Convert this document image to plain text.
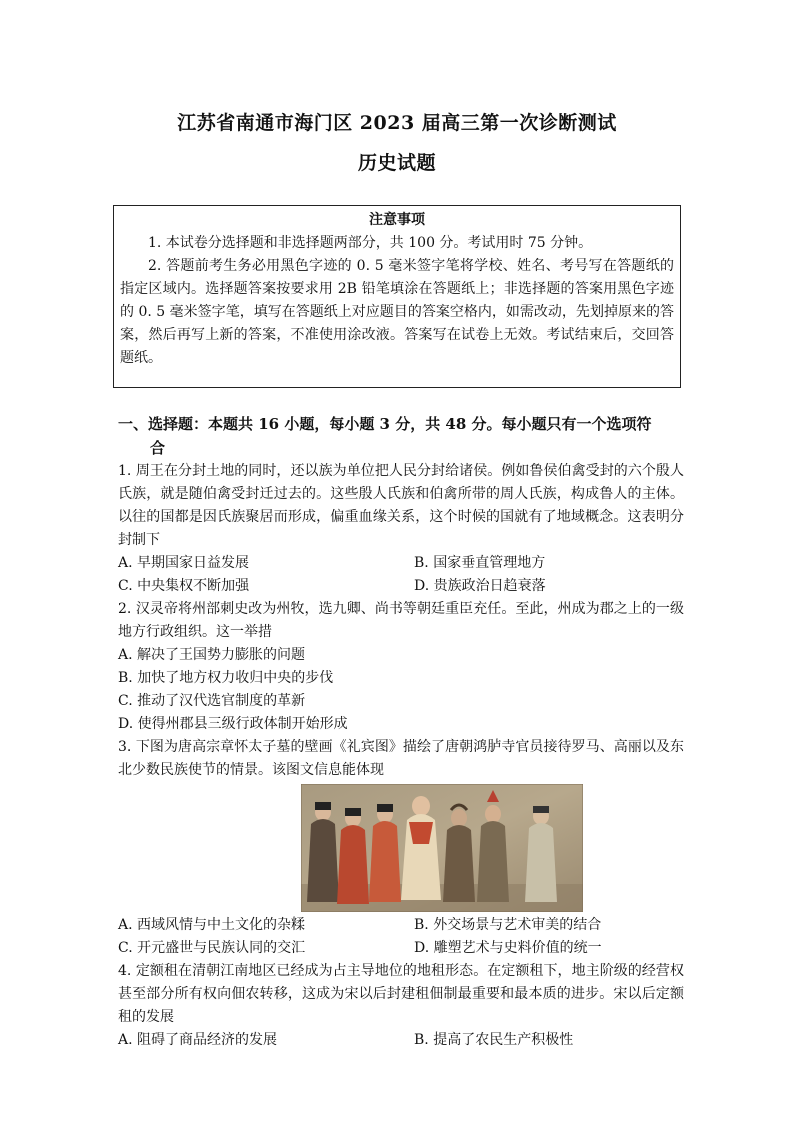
江苏省南通市海门区 2023 届高三第一次诊断测试
历史试题
注意事项

1. 本试卷分选择题和非选择题两部分，共 100 分。考试用时 75 分钟。

2. 答题前考生务必用黑色字迹的 0. 5 毫米签字笔将学校、姓名、考号写在答题纸的指定区域内。选择题答案按要求用 2B 铅笔填涂在答题纸上；非选择题的答案用黑色字迹的 0. 5 毫米签字笔，填写在答题纸上对应题目的答案空格内，如需改动，先划掉原来的答案，然后再写上新的答案，不准使用涂改液。答案写在试卷上无效。考试结束后，交回答题纸。

一、选择题：本题共 16 小题，每小题 3 分，共 48 分。每小题只有一个选项符
合

1. 周王在分封土地的同时，还以族为单位把人民分封给诸侯。例如鲁侯伯禽受封的六个殷人氏族，就是随伯禽受封迁过去的。这些殷人氏族和伯禽所带的周人氏族，构成鲁人的主体。以往的国都是因氏族聚居而形成，偏重血缘关系，这个时候的国就有了地域概念。这表明分封制下

A. 早期国家日益发展	B. 国家垂直管理地方
C. 中央集权不断加强	D. 贵族政治日趋衰落

2. 汉灵帝将州部刺史改为州牧，选九卿、尚书等朝廷重臣充任。至此，州成为郡之上的一级地方行政组织。这一举措

A. 解决了王国势力膨胀的问题
B. 加快了地方权力收归中央的步伐
C. 推动了汉代选官制度的革新
D. 使得州郡县三级行政体制开始形成

3. 下图为唐高宗章怀太子墓的壁画《礼宾图》描绘了唐朝鸿胪寺官员接待罗马、高丽以及东北少数民族使节的情景。该图文信息能体现

A. 西域风情与中土文化的杂糅	B. 外交场景与艺术审美的结合
C. 开元盛世与民族认同的交汇	D. 雕塑艺术与史料价值的统一

4. 定额租在清朝江南地区已经成为占主导地位的地租形态。在定额租下，地主阶级的经营权甚至部分所有权向佃农转移，这成为宋以后封建租佃制最重要和最本质的进步。宋以后定额租的发展

A. 阻碍了商品经济的发展	B. 提高了农民生产积极性
